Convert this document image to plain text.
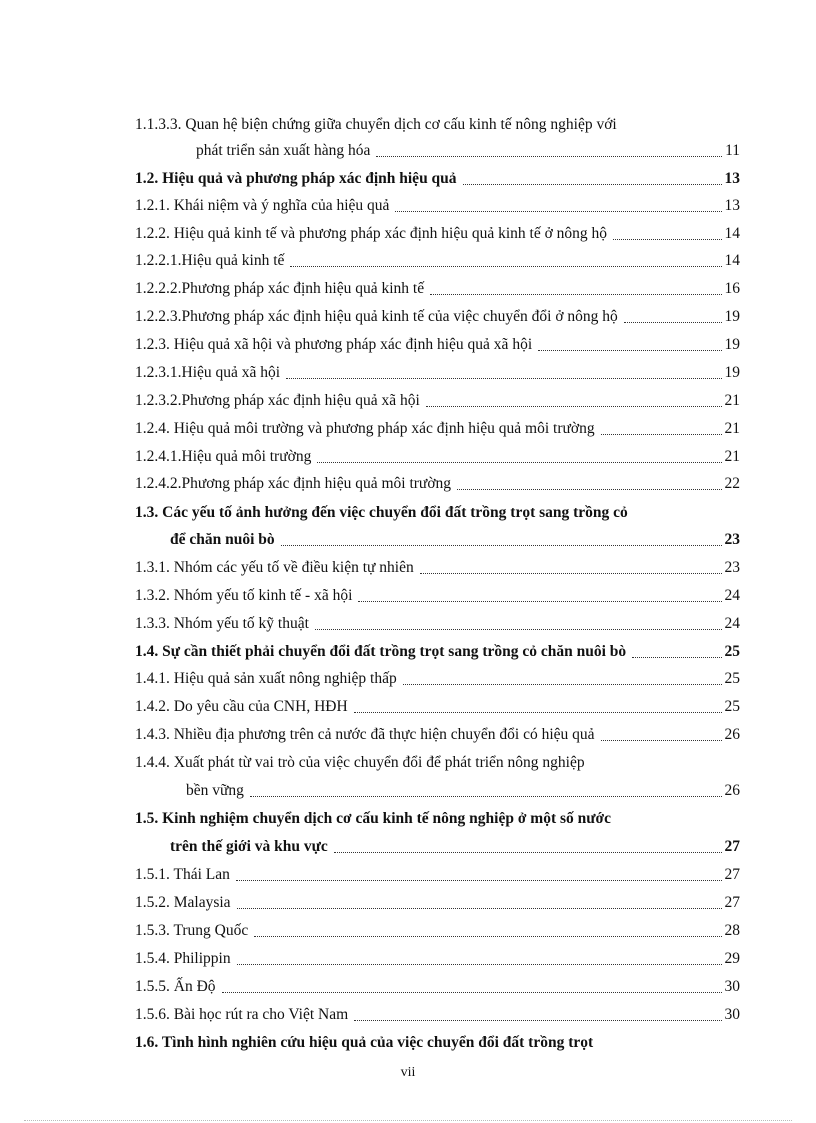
1.1.3.3. Quan hệ biện chứng giữa chuyển dịch cơ cấu kinh tế nông nghiệp với
phát triển sản xuất hàng hóa	11
1.2. Hiệu quả và phương pháp xác định hiệu quả	13
1.2.1. Khái niệm và ý nghĩa của hiệu quả	13
1.2.2. Hiệu quả kinh tế và phương pháp xác định hiệu quả kinh tế ở nông hộ	14
1.2.2.1.Hiệu quả kinh tế	14
1.2.2.2.Phương pháp xác định hiệu quả kinh tế	16
1.2.2.3.Phương pháp xác định hiệu quả kinh tế của việc chuyển đổi ở nông hộ	19
1.2.3. Hiệu quả xã hội và phương pháp xác định hiệu quả xã hội	19
1.2.3.1.Hiệu quả xã hội	19
1.2.3.2.Phương pháp xác định hiệu quả xã hội	21
1.2.4. Hiệu quả môi trường và phương pháp xác định hiệu quả môi trường	21
1.2.4.1.Hiệu quả môi trường	21
1.2.4.2.Phương pháp xác định hiệu quả môi trường	22
1.3. Các yếu tố ảnh hưởng đến việc chuyển đổi đất trồng trọt sang trồng cỏ
để chăn nuôi bò	23
1.3.1. Nhóm các yếu tố về điều kiện tự nhiên	23
1.3.2. Nhóm yếu tố kinh tế - xã hội	24
1.3.3. Nhóm yếu tố kỹ thuật	24
1.4. Sự cần thiết phải chuyển đổi đất trồng trọt sang trồng cỏ chăn nuôi bò	25
1.4.1. Hiệu quả sản xuất nông nghiệp thấp	25
1.4.2. Do yêu cầu của CNH, HĐH	25
1.4.3. Nhiều địa phương trên cả nước đã thực hiện chuyển đổi có hiệu quả	26
1.4.4. Xuất phát từ vai trò của việc chuyển đổi để phát triển nông nghiệp
bền vững	26
1.5. Kinh nghiệm chuyển dịch cơ cấu kinh tế nông nghiệp ở một số nước
trên thế giới và khu vực	27
1.5.1. Thái Lan	27
1.5.2. Malaysia	27
1.5.3. Trung Quốc	28
1.5.4. Philippin	29
1.5.5. Ấn Độ	30
1.5.6. Bài học rút ra cho Việt Nam	30
1.6. Tình hình nghiên cứu hiệu quả của việc chuyển đổi đất trồng trọt
vii
